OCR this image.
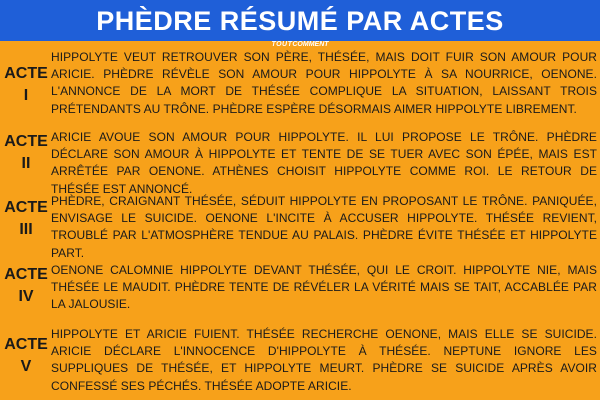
PHÈDRE RÉSUMÉ PAR ACTES
TOUTCOMMENT
ACTE
I
HIPPOLYTE VEUT RETROUVER SON PÈRE, THÉSÉE, MAIS DOIT FUIR SON AMOUR POUR ARICIE. PHÈDRE RÉVÈLE SON AMOUR POUR HIPPOLYTE À SA NOURRICE, OENONE. L'ANNONCE DE LA MORT DE THÉSÉE COMPLIQUE LA SITUATION, LAISSANT TROIS PRÉTENDANTS AU TRÔNE. PHÈDRE ESPÈRE DÉSORMAIS AIMER HIPPOLYTE LIBREMENT.
ACTE
II
ARICIE AVOUE SON AMOUR POUR HIPPOLYTE. IL LUI PROPOSE LE TRÔNE. PHÈDRE DÉCLARE SON AMOUR À HIPPOLYTE ET TENTE DE SE TUER AVEC SON ÉPÉE, MAIS EST ARRÊTÉE PAR OENONE. ATHÈNES CHOISIT HIPPOLYTE COMME ROI. LE RETOUR DE THÉSÉE EST ANNONCÉ.
ACTE
III
PHÈDRE, CRAIGNANT THÉSÉE, SÉDUIT HIPPOLYTE EN PROPOSANT LE TRÔNE. PANIQUÉE, ENVISAGE LE SUICIDE. OENONE L'INCITE À ACCUSER HIPPOLYTE. THÉSÉE REVIENT, TROUBLÉ PAR L'ATMOSPHÈRE TENDUE AU PALAIS. PHÈDRE ÉVITE THÉSÉE ET HIPPOLYTE PART.
ACTE
IV
OENONE CALOMNIE HIPPOLYTE DEVANT THÉSÉE, QUI LE CROIT. HIPPOLYTE NIE, MAIS THÉSÉE LE MAUDIT. PHÈDRE TENTE DE RÉVÉLER LA VÉRITÉ MAIS SE TAIT, ACCABLÉE PAR LA JALOUSIE.
ACTE
V
HIPPOLYTE ET ARICIE FUIENT. THÉSÉE RECHERCHE OENONE, MAIS ELLE SE SUICIDE. ARICIE DÉCLARE L'INNOCENCE D'HIPPOLYTE À THÉSÉE. NEPTUNE IGNORE LES SUPPLIQUES DE THÉSÉE, ET HIPPOLYTE MEURT. PHÈDRE SE SUICIDE APRÈS AVOIR CONFESSÉ SES PÉCHÉS. THÉSÉE ADOPTE ARICIE.
